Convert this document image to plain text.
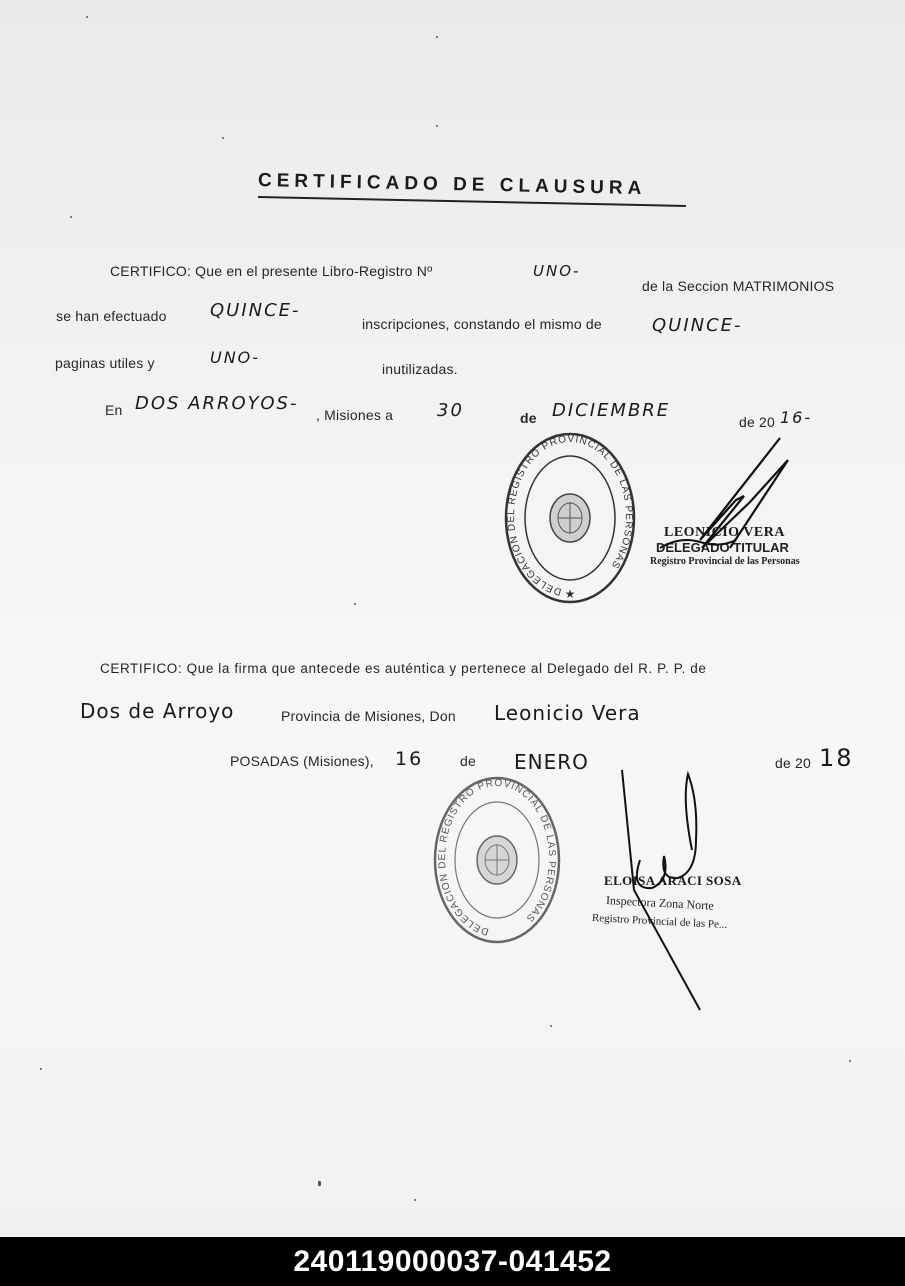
CERTIFICADO DE CLAUSURA
CERTIFICO: Que en el presente Libro-Registro Nº	UNO-
de la Seccion MATRIMONIOS
se han efectuado QUINCE-
inscripciones, constando el mismo de	QUINCE-
paginas utiles y	UNO-
inutilizadas.
En DOS ARROYOS-
, Misiones a 30	de DICIEMBRE
de 20 16-
DELEGACION DEL REGISTRO PROVINCIAL DE LAS PERSONAS
★
LEONICIO VERA
DELEGADO TITULAR
Registro Provincial de las Personas
CERTIFICO: Que la firma que antecede es auténtica y pertenece al Delegado del R. P. P. de
Dos de Arroyo	Provincia de Misiones, Don Leonicio Vera
POSADAS (Misiones), 16	de ENERO	de 20 18
DELEGACION DEL REGISTRO PROVINCIAL DE LAS PERSONAS
ELOISA ARACI SOSA
Inspectora Zona Norte
Registro Provincial de las Pe...
240119000037-041452
